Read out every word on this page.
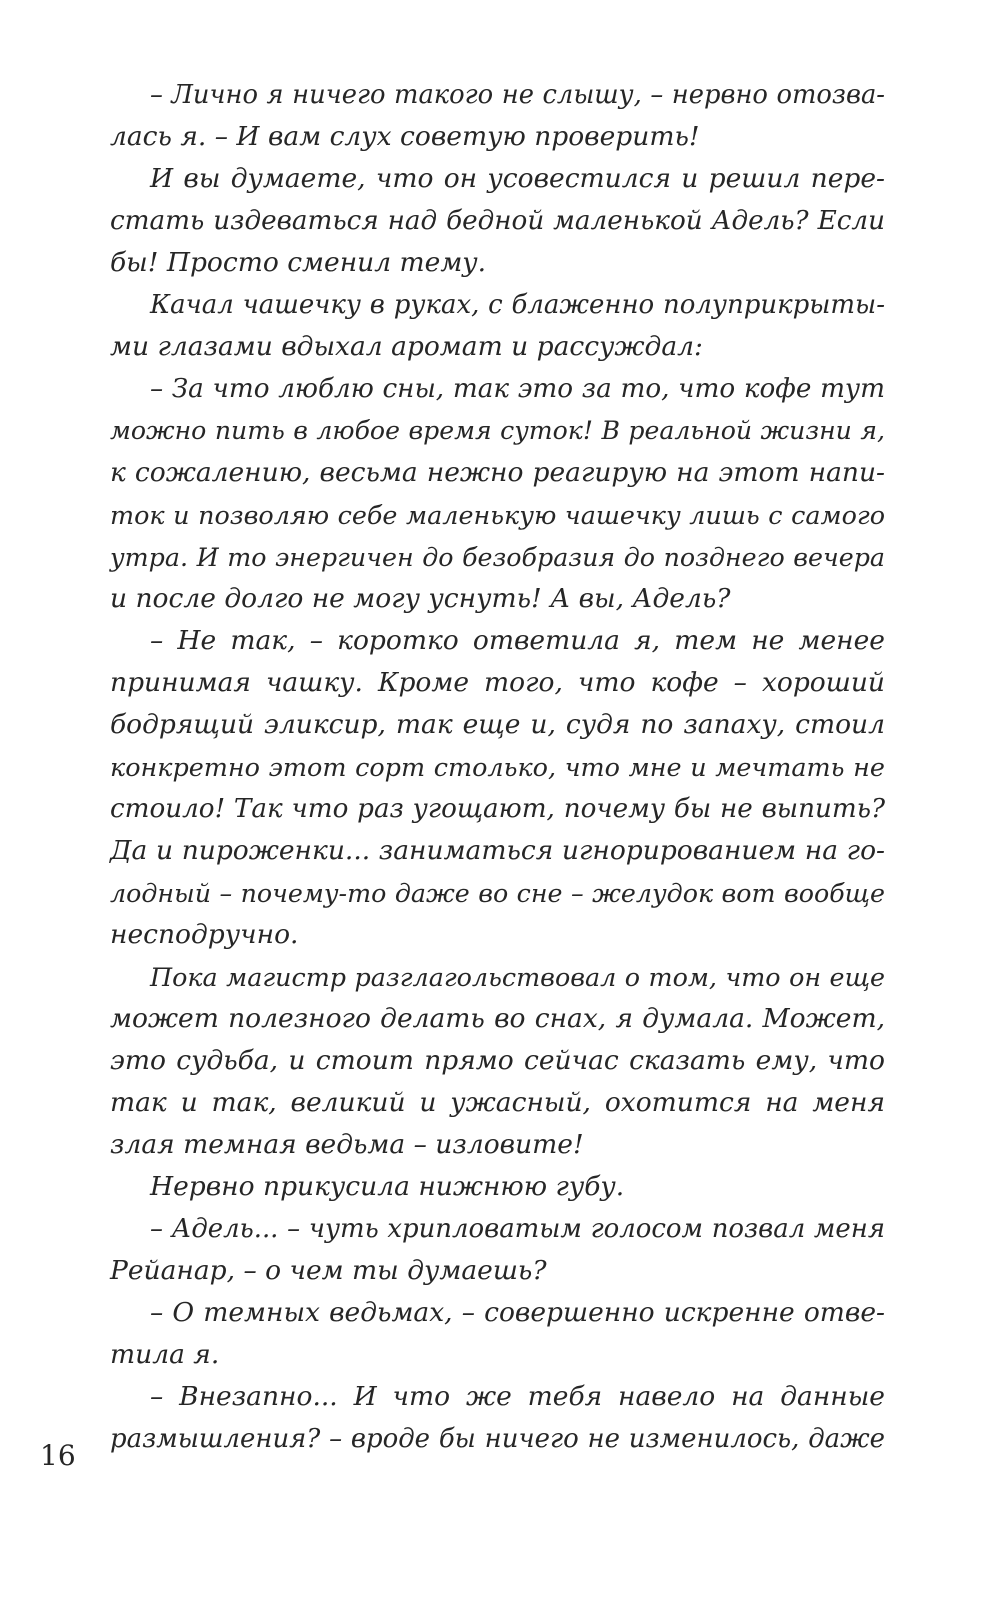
– Лично я ничего такого не слышу, – нервно отозва-
лась я. – И вам слух советую проверить!
И вы думаете, что он усовестился и решил пере-
стать издеваться над бедной маленькой Адель? Если
бы! Просто сменил тему.
Качал чашечку в руках, с блаженно полуприкрыты-
ми глазами вдыхал аромат и рассуждал:
– За что люблю сны, так это за то, что кофе тут
можно пить в любое время суток! В реальной жизни я,
к сожалению, весьма нежно реагирую на этот напи-
ток и позволяю себе маленькую чашечку лишь с самого
утра. И то энергичен до безобразия до позднего вечера
и после долго не могу уснуть! А вы, Адель?
– Не так, – коротко ответила я, тем не менее
принимая чашку. Кроме того, что кофе – хороший
бодрящий эликсир, так еще и, судя по запаху, стоил
конкретно этот сорт столько, что мне и мечтать не
стоило! Так что раз угощают, почему бы не выпить?
Да и пироженки... заниматься игнорированием на го-
лодный – почему-то даже во сне – желудок вот вообще
несподручно.
Пока магистр разглагольствовал о том, что он еще
может полезного делать во снах, я думала. Может,
это судьба, и стоит прямо сейчас сказать ему, что
так и так, великий и ужасный, охотится на меня
злая темная ведьма – изловите!
Нервно прикусила нижнюю губу.
– Адель... – чуть хрипловатым голосом позвал меня
Рейанар, – о чем ты думаешь?
– О темных ведьмах, – совершенно искренне отве-
тила я.
– Внезапно... И что же тебя навело на данные
размышления? – вроде бы ничего не изменилось, даже
16
